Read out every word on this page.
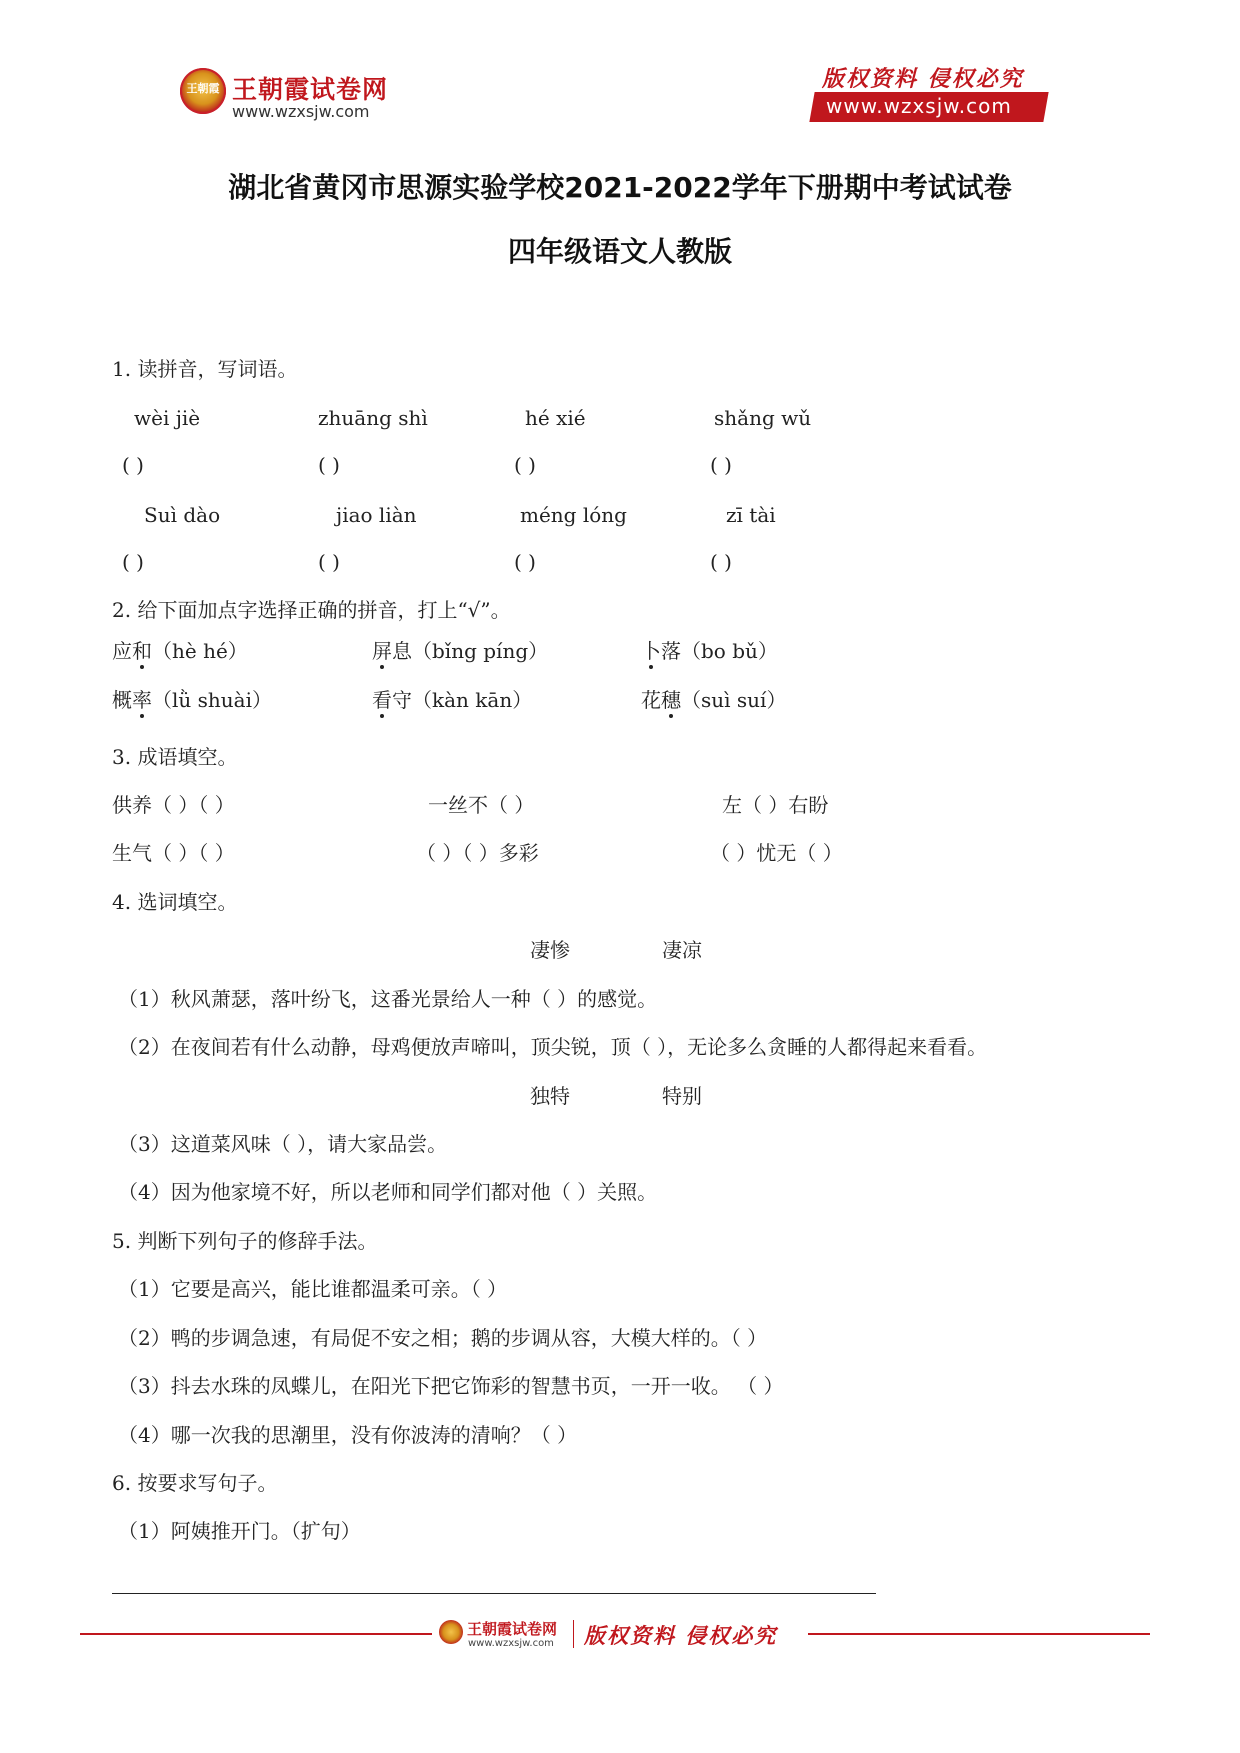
王朝霞 王朝霞试卷网
www.wzxsjw.com
版权资料 侵权必究
www.wzxsjw.com
湖北省黄冈市思源实验学校2021-2022学年下册期中考试试卷
四年级语文人教版
1. 读拼音，写词语。
wèi jiè	zhuāng shì	hé xié	shǎng wǔ
( )	( )	( )	( )
Suì dào	jiao liàn	méng lóng	zī tài
( )	( )	( )	( )
2. 给下面加点字选择正确的拼音，打上“√”。
应和（hè hé）	屏息（bǐng píng）	卜落（bo bǔ）
概率（lǜ shuài）	看守（kàn kān）	花穗（suì suí）
3. 成语填空。
供养（ ）（ ）	一丝不（ ）	左（ ）右盼
生气（ ）（ ）	（ ）（ ）多彩	（ ）忧无（ ）
4. 选词填空。
凄惨	凄凉
（1）秋风萧瑟，落叶纷飞，这番光景给人一种（ ）的感觉。
（2）在夜间若有什么动静，母鸡便放声啼叫，顶尖锐，顶（ ），无论多么贪睡的人都得起来看看。
独特	特别
（3）这道菜风味（ ），请大家品尝。
（4）因为他家境不好，所以老师和同学们都对他（ ）关照。
5. 判断下列句子的修辞手法。
（1）它要是高兴，能比谁都温柔可亲。（ ）
（2）鸭的步调急速，有局促不安之相；鹅的步调从容，大模大样的。（ ）
（3）抖去水珠的凤蝶儿，在阳光下把它饰彩的智慧书页，一开一收。 （ ）
（4）哪一次我的思潮里，没有你波涛的清响？（ ）
6. 按要求写句子。
（1）阿姨推开门。（扩句）
王朝霞试卷网
www.wzxsjw.com 版权资料 侵权必究
